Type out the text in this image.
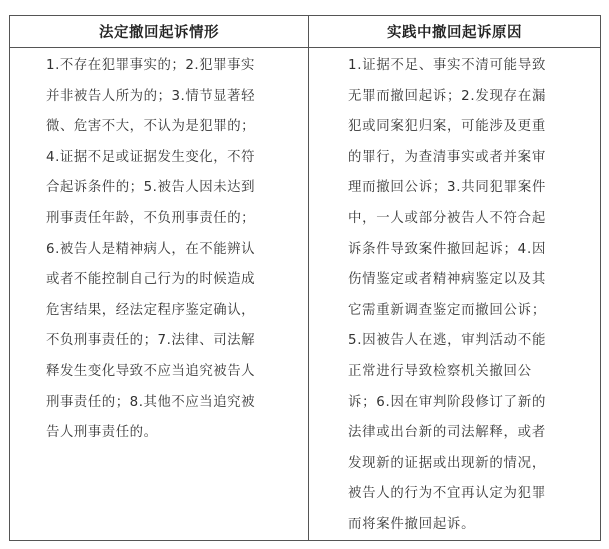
法定撤回起诉情形	实践中撤回起诉原因
1.不存在犯罪事实的；2.犯罪事实
并非被告人所为的；3.情节显著轻
微、危害不大，不认为是犯罪的；
4.证据不足或证据发生变化，不符
合起诉条件的；5.被告人因未达到
刑事责任年龄，不负刑事责任的；
6.被告人是精神病人，在不能辨认
或者不能控制自己行为的时候造成
危害结果，经法定程序鉴定确认，
不负刑事责任的；7.法律、司法解
释发生变化导致不应当追究被告人
刑事责任的；8.其他不应当追究被
告人刑事责任的。
1.证据不足、事实不清可能导致
无罪而撤回起诉；2.发现存在漏
犯或同案犯归案，可能涉及更重
的罪行，为查清事实或者并案审
理而撤回公诉；3.共同犯罪案件
中，一人或部分被告人不符合起
诉条件导致案件撤回起诉；4.因
伤情鉴定或者精神病鉴定以及其
它需重新调查鉴定而撤回公诉；
5.因被告人在逃，审判活动不能
正常进行导致检察机关撤回公
诉；6.因在审判阶段修订了新的
法律或出台新的司法解释，或者
发现新的证据或出现新的情况，
被告人的行为不宜再认定为犯罪
而将案件撤回起诉。
